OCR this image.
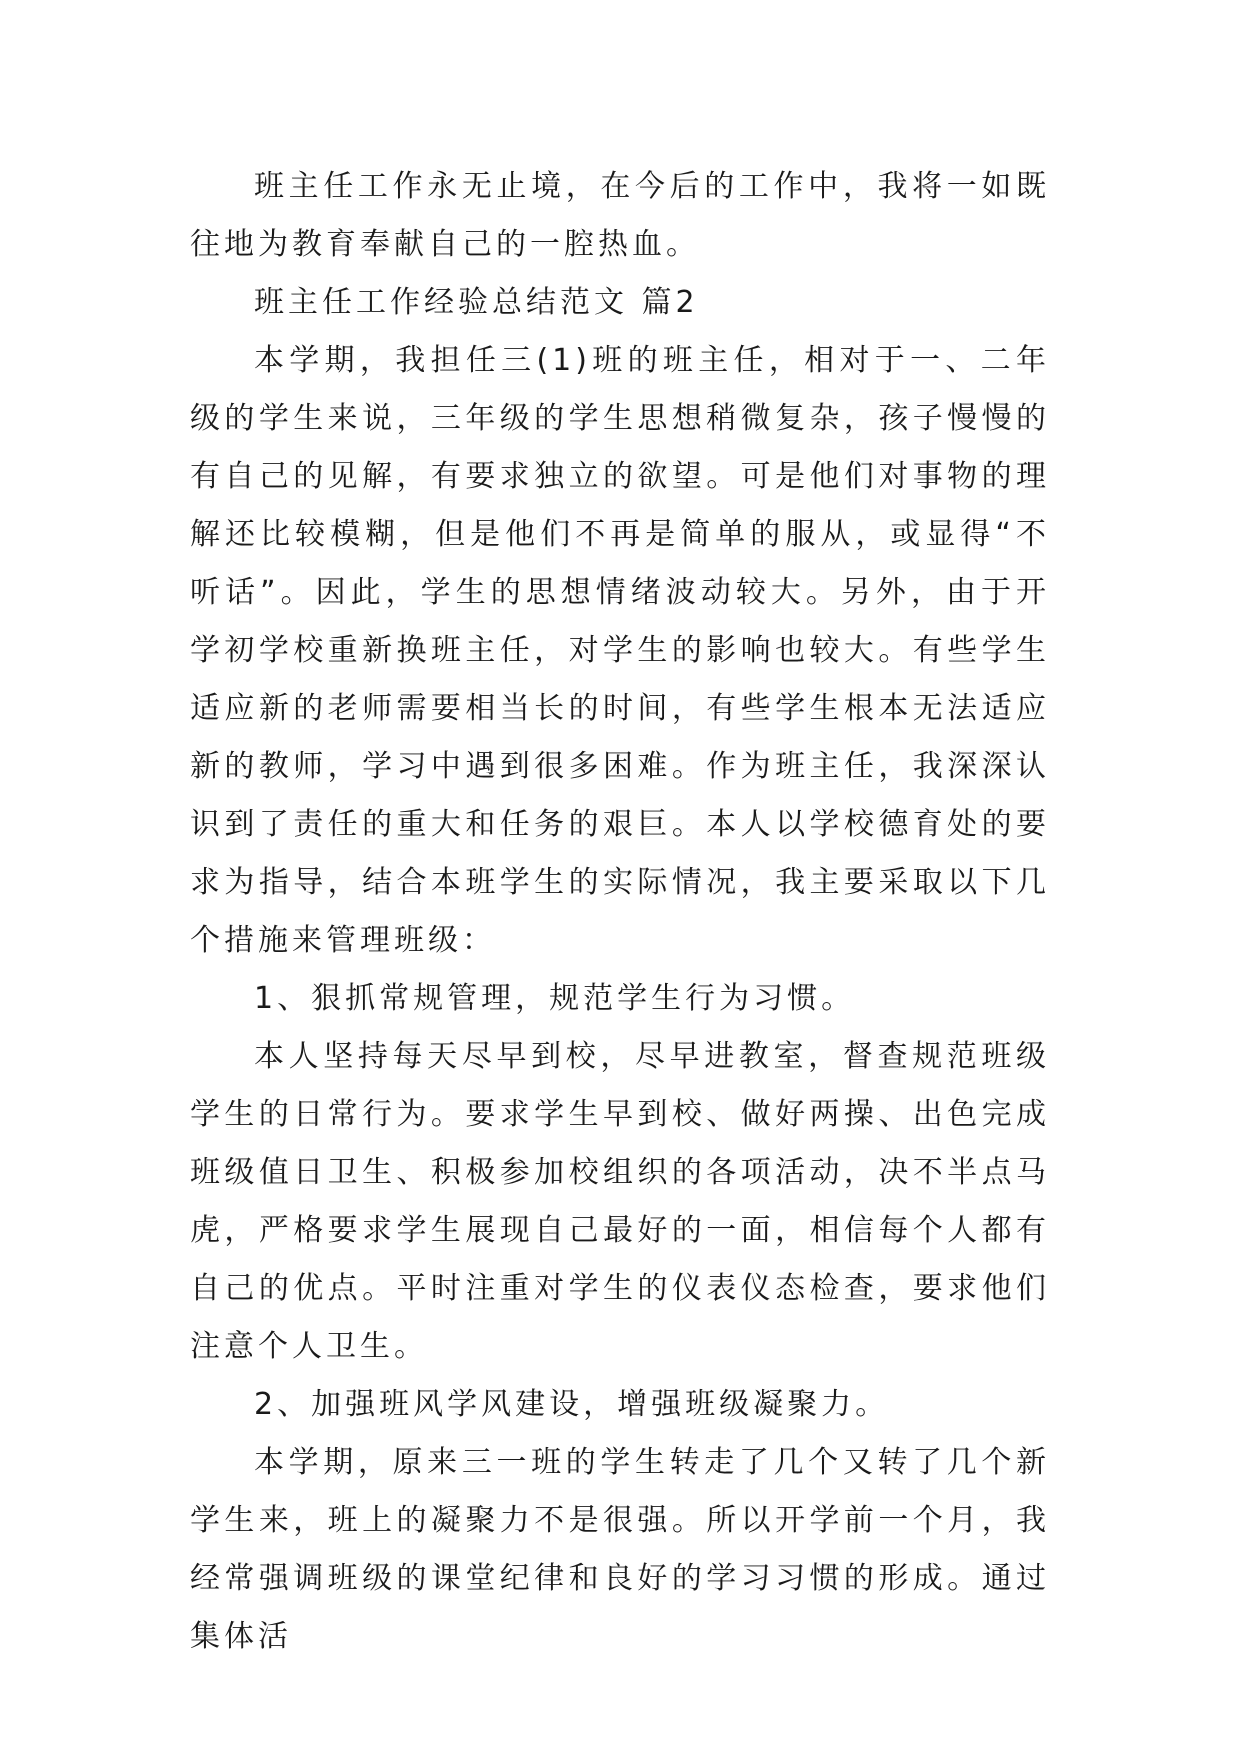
班主任工作永无止境，在今后的工作中，我将一如既往地为教育奉献自己的一腔热血。

班主任工作经验总结范文 篇2

本学期，我担任三(1)班的班主任，相对于一、二年级的学生来说，三年级的学生思想稍微复杂，孩子慢慢的有自己的见解，有要求独立的欲望。可是他们对事物的理解还比较模糊，但是他们不再是简单的服从，或显得“不听话”。因此，学生的思想情绪波动较大。另外，由于开学初学校重新换班主任，对学生的影响也较大。有些学生适应新的老师需要相当长的时间，有些学生根本无法适应新的教师，学习中遇到很多困难。作为班主任，我深深认识到了责任的重大和任务的艰巨。本人以学校德育处的要求为指导，结合本班学生的实际情况，我主要采取以下几个措施来管理班级：

1、狠抓常规管理，规范学生行为习惯。

本人坚持每天尽早到校，尽早进教室，督查规范班级学生的日常行为。要求学生早到校、做好两操、出色完成班级值日卫生、积极参加校组织的各项活动，决不半点马虎，严格要求学生展现自己最好的一面，相信每个人都有自己的优点。平时注重对学生的仪表仪态检查，要求他们注意个人卫生。

2、加强班风学风建设，增强班级凝聚力。

本学期，原来三一班的学生转走了几个又转了几个新学生来，班上的凝聚力不是很强。所以开学前一个月，我经常强调班级的课堂纪律和良好的学习习惯的形成。通过集体活
